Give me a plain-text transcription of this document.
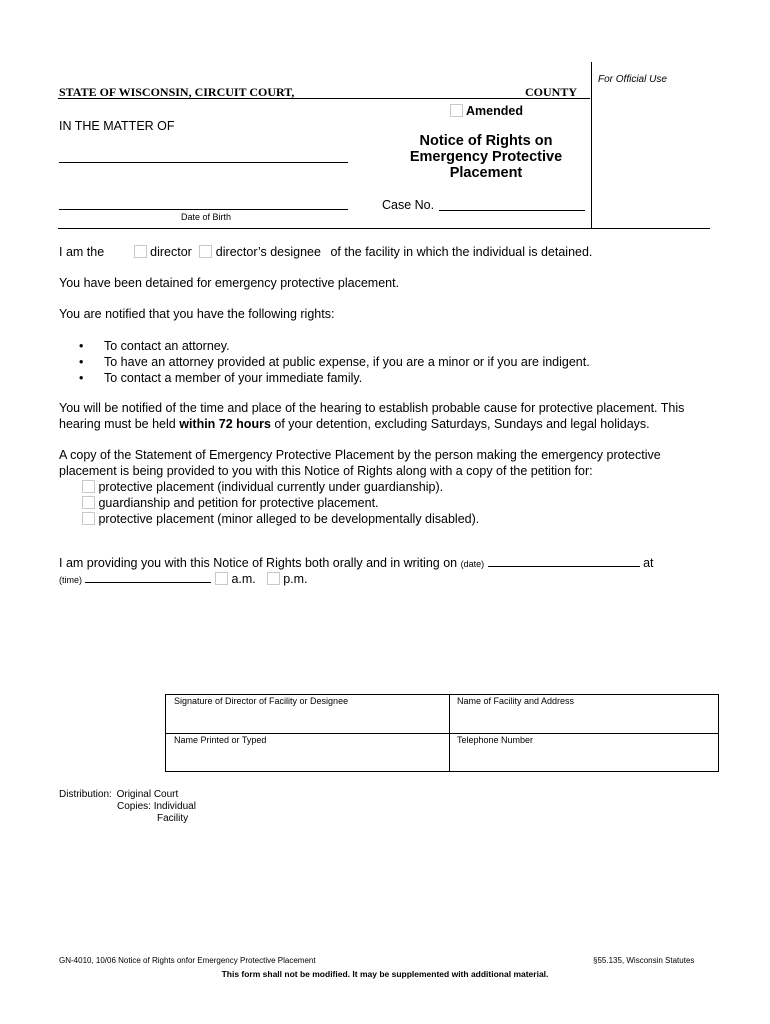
For Official Use
STATE OF WISCONSIN, CIRCUIT COURT,	COUNTY
Amended
IN THE MATTER OF
Date of Birth
Notice of Rights on
Emergency Protective
Placement
Case No.
I am the	director director’s designee of the facility in which the individual is detained.
You have been detained for emergency protective placement.
You are notified that you have the following rights:
• To contact an attorney.
• To have an attorney provided at public expense, if you are a minor or if you are indigent.
• To contact a member of your immediate family.
You will be notified of the time and place of the hearing to establish probable cause for protective placement. This hearing must be held within 72 hours of your detention, excluding Saturdays, Sundays and legal holidays.
A copy of the Statement of Emergency Protective Placement by the person making the emergency protective
placement is being provided to you with this Notice of Rights along with a copy of the petition for:
protective placement (individual currently under guardianship).
guardianship and petition for protective placement.
protective placement (minor alleged to be developmentally disabled).
I am providing you with this Notice of Rights both orally and in writing on (date)	at
(time)	a.m. p.m.
Signature of Director of Facility or Designee	Name of Facility and Address
Name Printed or Typed	Telephone Number
Distribution: Original Court
Copies: Individual
Facility
GN-4010, 10/06 Notice of Rights onfor Emergency Protective Placement	§55.135, Wisconsin Statutes
This form shall not be modified. It may be supplemented with additional material.
